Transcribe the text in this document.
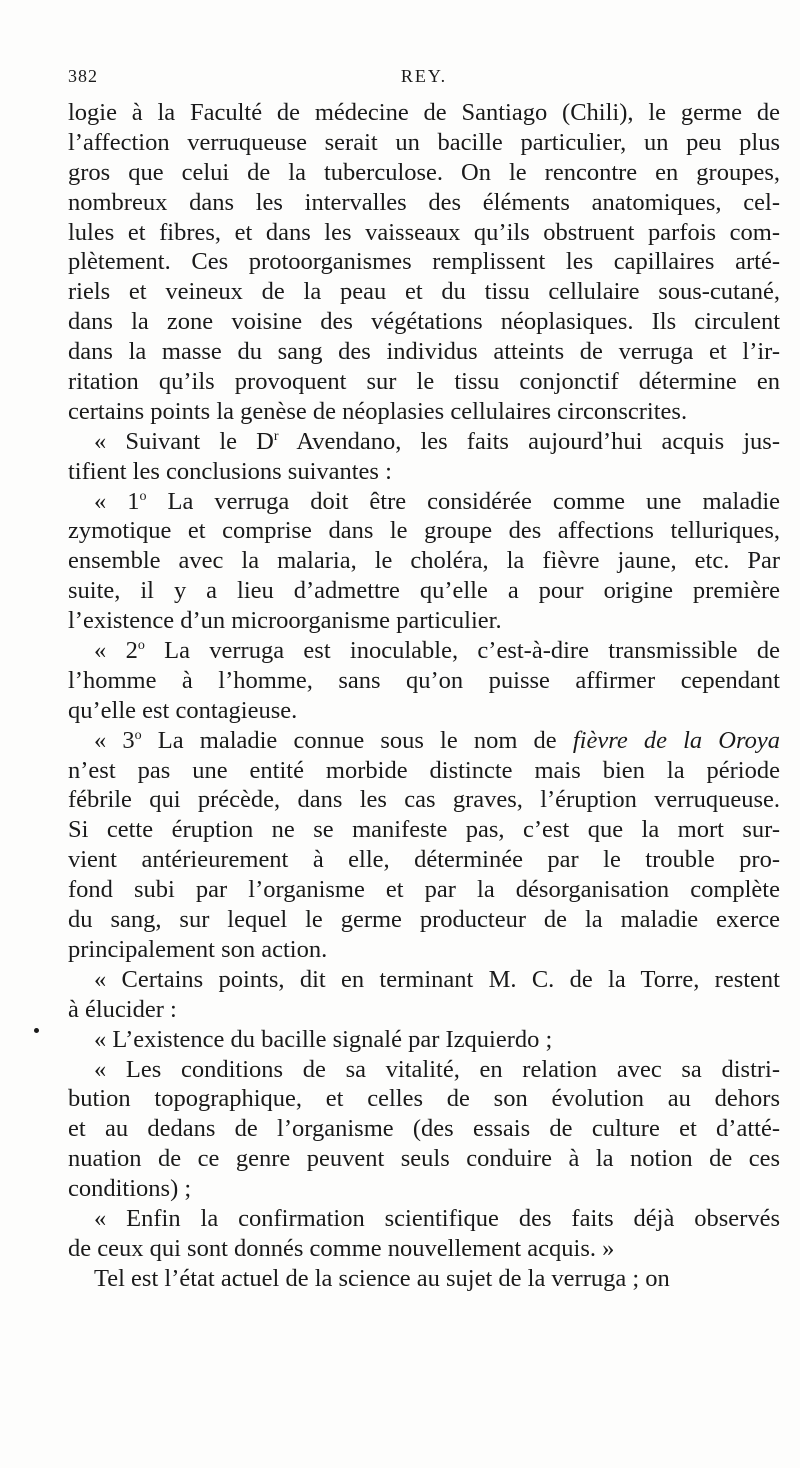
382	REY.
logie à la Faculté de médecine de Santiago (Chili), le germe de
l’affection verruqueuse serait un bacille particulier, un peu plus
gros que celui de la tuberculose. On le rencontre en groupes,
nombreux dans les intervalles des éléments anatomiques, cel-
lules et fibres, et dans les vaisseaux qu’ils obstruent parfois com-
plètement. Ces protoorganismes remplissent les capillaires arté-
riels et veineux de la peau et du tissu cellulaire sous-cutané,
dans la zone voisine des végétations néoplasiques. Ils circulent
dans la masse du sang des individus atteints de verruga et l’ir-
ritation qu’ils provoquent sur le tissu conjonctif détermine en
certains points la genèse de néoplasies cellulaires circonscrites.
« Suivant le $D^r$ Avendano, les faits aujourd’hui acquis jus-
tifient les conclusions suivantes :
« 1$^o$ La verruga doit être considérée comme une maladie
zymotique et comprise dans le groupe des affections telluriques,
ensemble avec la malaria, le choléra, la fièvre jaune, etc. Par
suite, il y a lieu d’admettre qu’elle a pour origine première
l’existence d’un microorganisme particulier.
« 2$^o$ La verruga est inoculable, c’est-à-dire transmissible de
l’homme à l’homme, sans qu’on puisse affirmer cependant
qu’elle est contagieuse.
« 3$^o$ La maladie connue sous le nom de fièvre de la Oroya
n’est pas une entité morbide distincte mais bien la période
fébrile qui précède, dans les cas graves, l’éruption verruqueuse.
Si cette éruption ne se manifeste pas, c’est que la mort sur-
vient antérieurement à elle, déterminée par le trouble pro-
fond subi par l’organisme et par la désorganisation complète
du sang, sur lequel le germe producteur de la maladie exerce
principalement son action.
« Certains points, dit en terminant M. C. de la Torre, restent
à élucider :
« L’existence du bacille signalé par Izquierdo ;
« Les conditions de sa vitalité, en relation avec sa distri-
bution topographique, et celles de son évolution au dehors
et au dedans de l’organisme (des essais de culture et d’atté-
nuation de ce genre peuvent seuls conduire à la notion de ces
conditions) ;
« Enfin la confirmation scientifique des faits déjà observés
de ceux qui sont donnés comme nouvellement acquis. »
Tel est l’état actuel de la science au sujet de la verruga ; on
